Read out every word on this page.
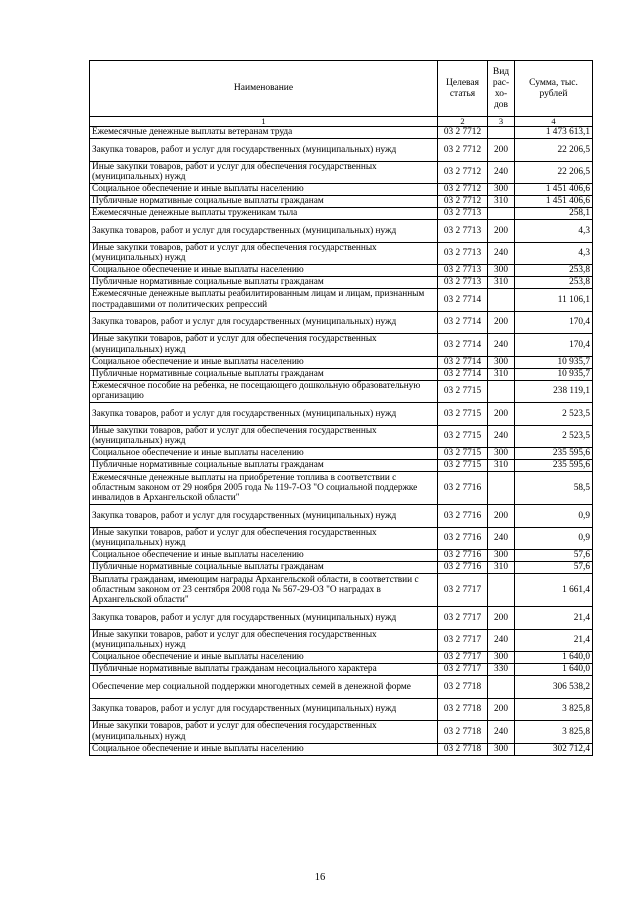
Наименование	Целевая статья	Вид рас- хо- дов	Сумма, тыс. рублей
1	2	3	4
Ежемесячные денежные выплаты ветеранам труда	03 2 7712		1 473 613,1
Закупка товаров, работ и услуг для государственных (муниципальных) нужд	03 2 7712	200	22 206,5
Иные закупки товаров, работ и услуг для обеспечения государственных (муниципальных) нужд	03 2 7712	240	22 206,5
Социальное обеспечение и иные выплаты населению	03 2 7712	300	1 451 406,6
Публичные нормативные социальные выплаты гражданам	03 2 7712	310	1 451 406,6
Ежемесячные денежные выплаты труженикам тыла	03 2 7713		258,1
Закупка товаров, работ и услуг для государственных (муниципальных) нужд	03 2 7713	200	4,3
Иные закупки товаров, работ и услуг для обеспечения государственных (муниципальных) нужд	03 2 7713	240	4,3
Социальное обеспечение и иные выплаты населению	03 2 7713	300	253,8
Публичные нормативные социальные выплаты гражданам	03 2 7713	310	253,8
Ежемесячные денежные выплаты реабилитированным лицам и лицам, признанным пострадавшими от политических репрессий	03 2 7714		11 106,1
Закупка товаров, работ и услуг для государственных (муниципальных) нужд	03 2 7714	200	170,4
Иные закупки товаров, работ и услуг для обеспечения государственных (муниципальных) нужд	03 2 7714	240	170,4
Социальное обеспечение и иные выплаты населению	03 2 7714	300	10 935,7
Публичные нормативные социальные выплаты гражданам	03 2 7714	310	10 935,7
Ежемесячное пособие на ребенка, не посещающего дошкольную образовательную организацию	03 2 7715		238 119,1
Закупка товаров, работ и услуг для государственных (муниципальных) нужд	03 2 7715	200	2 523,5
Иные закупки товаров, работ и услуг для обеспечения государственных (муниципальных) нужд	03 2 7715	240	2 523,5
Социальное обеспечение и иные выплаты населению	03 2 7715	300	235 595,6
Публичные нормативные социальные выплаты гражданам	03 2 7715	310	235 595,6
Ежемесячные денежные выплаты на приобретение топлива в соответствии с областным законом от 29 ноября 2005 года № 119-7-ОЗ "О социальной поддержке инвалидов в Архангельской области"	03 2 7716		58,5
Закупка товаров, работ и услуг для государственных (муниципальных) нужд	03 2 7716	200	0,9
Иные закупки товаров, работ и услуг для обеспечения государственных (муниципальных) нужд	03 2 7716	240	0,9
Социальное обеспечение и иные выплаты населению	03 2 7716	300	57,6
Публичные нормативные социальные выплаты гражданам	03 2 7716	310	57,6
Выплаты гражданам, имеющим награды Архангельской области, в соответствии с областным законом от 23 сентября 2008 года № 567-29-ОЗ "О наградах в Архангельской области"	03 2 7717		1 661,4
Закупка товаров, работ и услуг для государственных (муниципальных) нужд	03 2 7717	200	21,4
Иные закупки товаров, работ и услуг для обеспечения государственных (муниципальных) нужд	03 2 7717	240	21,4
Социальное обеспечение и иные выплаты населению	03 2 7717	300	1 640,0
Публичные нормативные выплаты гражданам несоциального характера	03 2 7717	330	1 640,0
Обеспечение мер социальной поддержки многодетных семей в денежной форме	03 2 7718		306 538,2
Закупка товаров, работ и услуг для государственных (муниципальных) нужд	03 2 7718	200	3 825,8
Иные закупки товаров, работ и услуг для обеспечения государственных (муниципальных) нужд	03 2 7718	240	3 825,8
Социальное обеспечение и иные выплаты населению	03 2 7718	300	302 712,4
16
